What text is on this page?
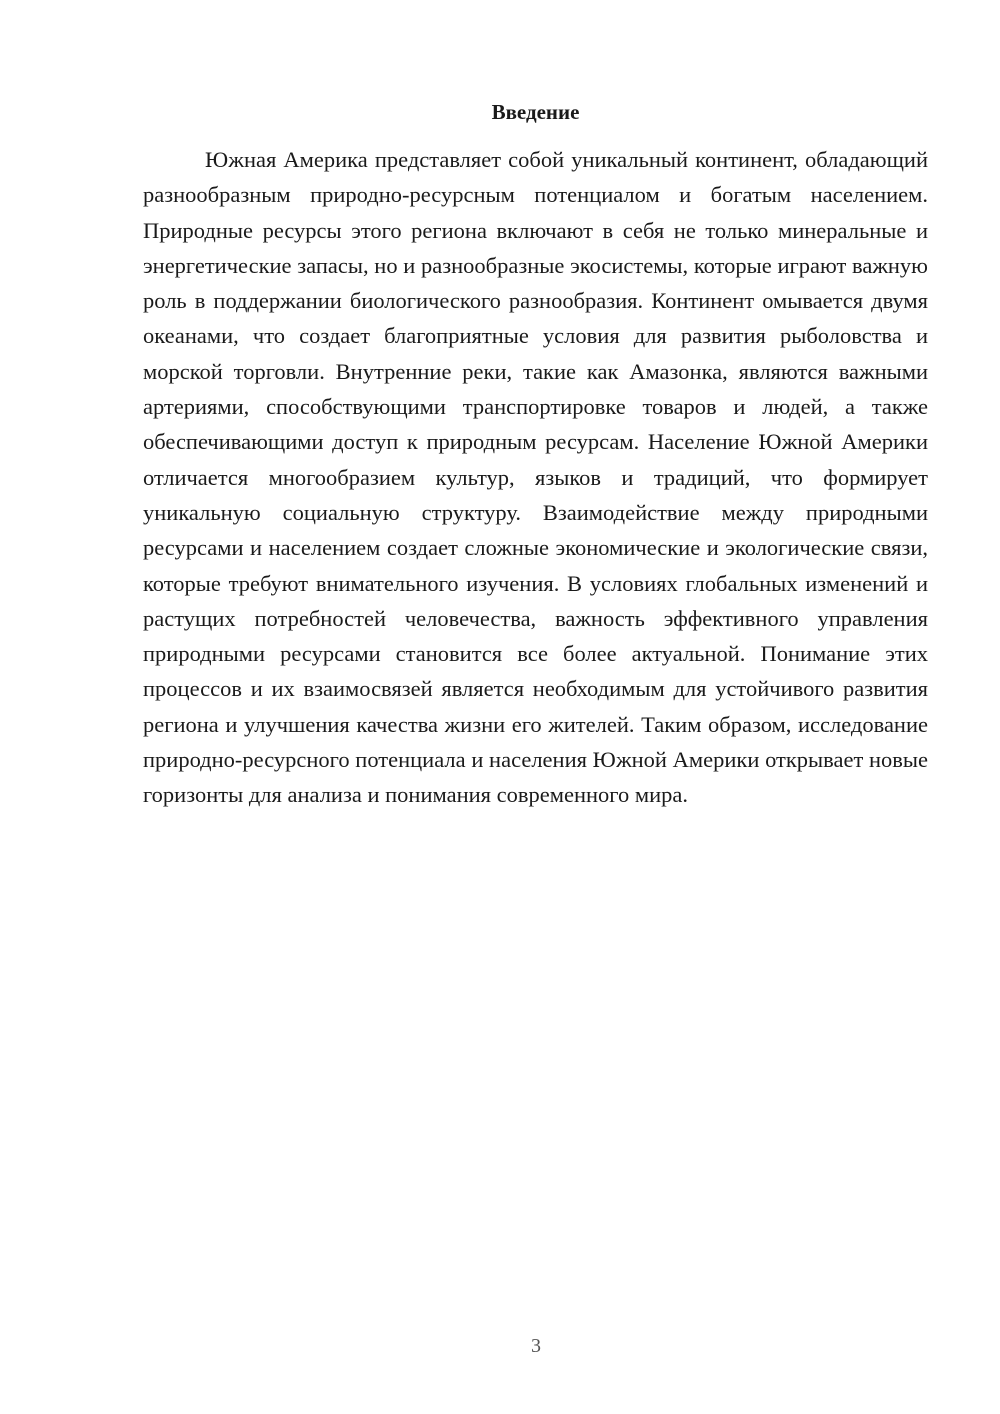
Введение

Южная Америка представляет собой уникальный континент, обладающий разнообразным природно-ресурсным потенциалом и богатым населением. Природные ресурсы этого региона включают в себя не только минеральные и энергетические запасы, но и разнообразные экосистемы, которые играют важную роль в поддержании биологического разнообразия. Континент омывается двумя океанами, что создает благоприятные условия для развития рыболовства и морской торговли. Внутренние реки, такие как Амазонка, являются важными артериями, способствующими транспортировке товаров и людей, а также обеспечивающими доступ к природным ресурсам. Население Южной Америки отличается многообразием культур, языков и традиций, что формирует уникальную социальную структуру. Взаимодействие между природными ресурсами и населением создает сложные экономические и экологические связи, которые требуют внимательного изучения. В условиях глобальных изменений и растущих потребностей человечества, важность эффективного управления природными ресурсами становится все более актуальной. Понимание этих процессов и их взаимосвязей является необходимым для устойчивого развития региона и улучшения качества жизни его жителей. Таким образом, исследование природно-ресурсного потенциала и населения Южной Америки открывает новые горизонты для анализа и понимания современного мира.

3
